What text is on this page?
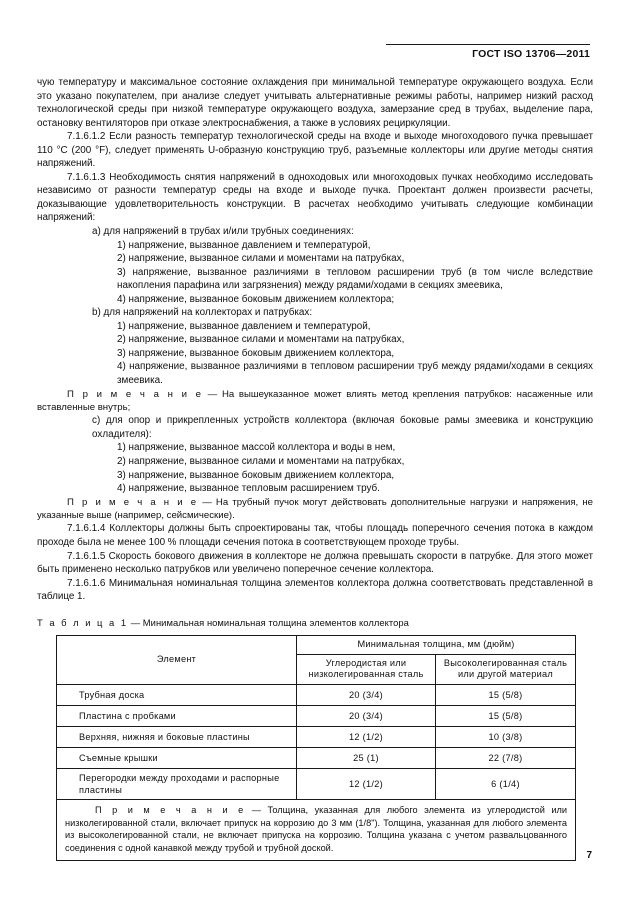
ГОСТ ISO 13706—2011

чую температуру и максимальное состояние охлаждения при минимальной температуре окружающего воздуха. Если это указано покупателем, при анализе следует учитывать альтернативные режимы работы, например низкий расход технологической среды при низкой температуре окружающего воздуха, замерзание сред в трубах, выделение пара, остановку вентиляторов при отказе электроснабжения, а также в условиях рециркуляции.

7.1.6.1.2 Если разность температур технологической среды на входе и выходе многоходового пучка превышает 110 °C (200 °F), следует применять U-образную конструкцию труб, разъемные коллекторы или другие методы снятия напряжений.

7.1.6.1.3 Необходимость снятия напряжений в одноходовых или многоходовых пучках необходимо исследовать независимо от разности температур среды на входе и выходе пучка. Проектант должен произвести расчеты, доказывающие удовлетворительность конструкции. В расчетах необходимо учитывать следующие комбинации напряжений:

a) для напряжений в трубах и/или трубных соединениях:

1) напряжение, вызванное давлением и температурой,

2) напряжение, вызванное силами и моментами на патрубках,

3) напряжение, вызванное различиями в тепловом расширении труб (в том числе вследствие накопления парафина или загрязнения) между рядами/ходами в секциях змеевика,

4) напряжение, вызванное боковым движением коллектора;

b) для напряжений на коллекторах и патрубках:

1) напряжение, вызванное давлением и температурой,

2) напряжение, вызванное силами и моментами на патрубках,

3) напряжение, вызванное боковым движением коллектора,

4) напряжение, вызванное различиями в тепловом расширении труб между рядами/ходами в секциях змеевика.

П р и м е ч а н и е — На вышеуказанное может влиять метод крепления патрубков: насаженные или вставленные внутрь;

c) для опор и прикрепленных устройств коллектора (включая боковые рамы змеевика и конструкцию охладителя):

1) напряжение, вызванное массой коллектора и воды в нем,

2) напряжение, вызванное силами и моментами на патрубках,

3) напряжение, вызванное боковым движением коллектора,

4) напряжение, вызванное тепловым расширением труб.

П р и м е ч а н и е — На трубный пучок могут действовать дополнительные нагрузки и напряжения, не указанные выше (например, сейсмические).

7.1.6.1.4 Коллекторы должны быть спроектированы так, чтобы площадь поперечного сечения потока в каждом проходе была не менее 100 % площади сечения потока в соответствующем проходе трубы.

7.1.6.1.5 Скорость бокового движения в коллекторе не должна превышать скорости в патрубке. Для этого может быть применено несколько патрубков или увеличено поперечное сечение коллектора.

7.1.6.1.6 Минимальная номинальная толщина элементов коллектора должна соответствовать представленной в таблице 1.

Т а б л и ц а 1 — Минимальная номинальная толщина элементов коллектора

Элемент	Минимальная толщина, мм (дюйм)	
	Углеродистая или низколегированная сталь	Высоколегированная сталь или другой материал
Трубная доска	20 (3/4)	15 (5/8)
Пластина с пробками	20 (3/4)	15 (5/8)
Верхняя, нижняя и боковые пластины	12 (1/2)	10 (3/8)
Съемные крышки	25 (1)	22 (7/8)
Перегородки между проходами и распорные пластины	12 (1/2)	6 (1/4)
П р и м е ч а н и е — Толщина, указанная для любого элемента из углеродистой или низколегированной стали, включает припуск на коррозию до 3 мм (1/8"). Толщина, указанная для любого элемента из высоколегированной стали, не включает припуска на коррозию. Толщина указана с учетом развальцованного соединения с одной канавкой между трубой и трубной доской.		
7
